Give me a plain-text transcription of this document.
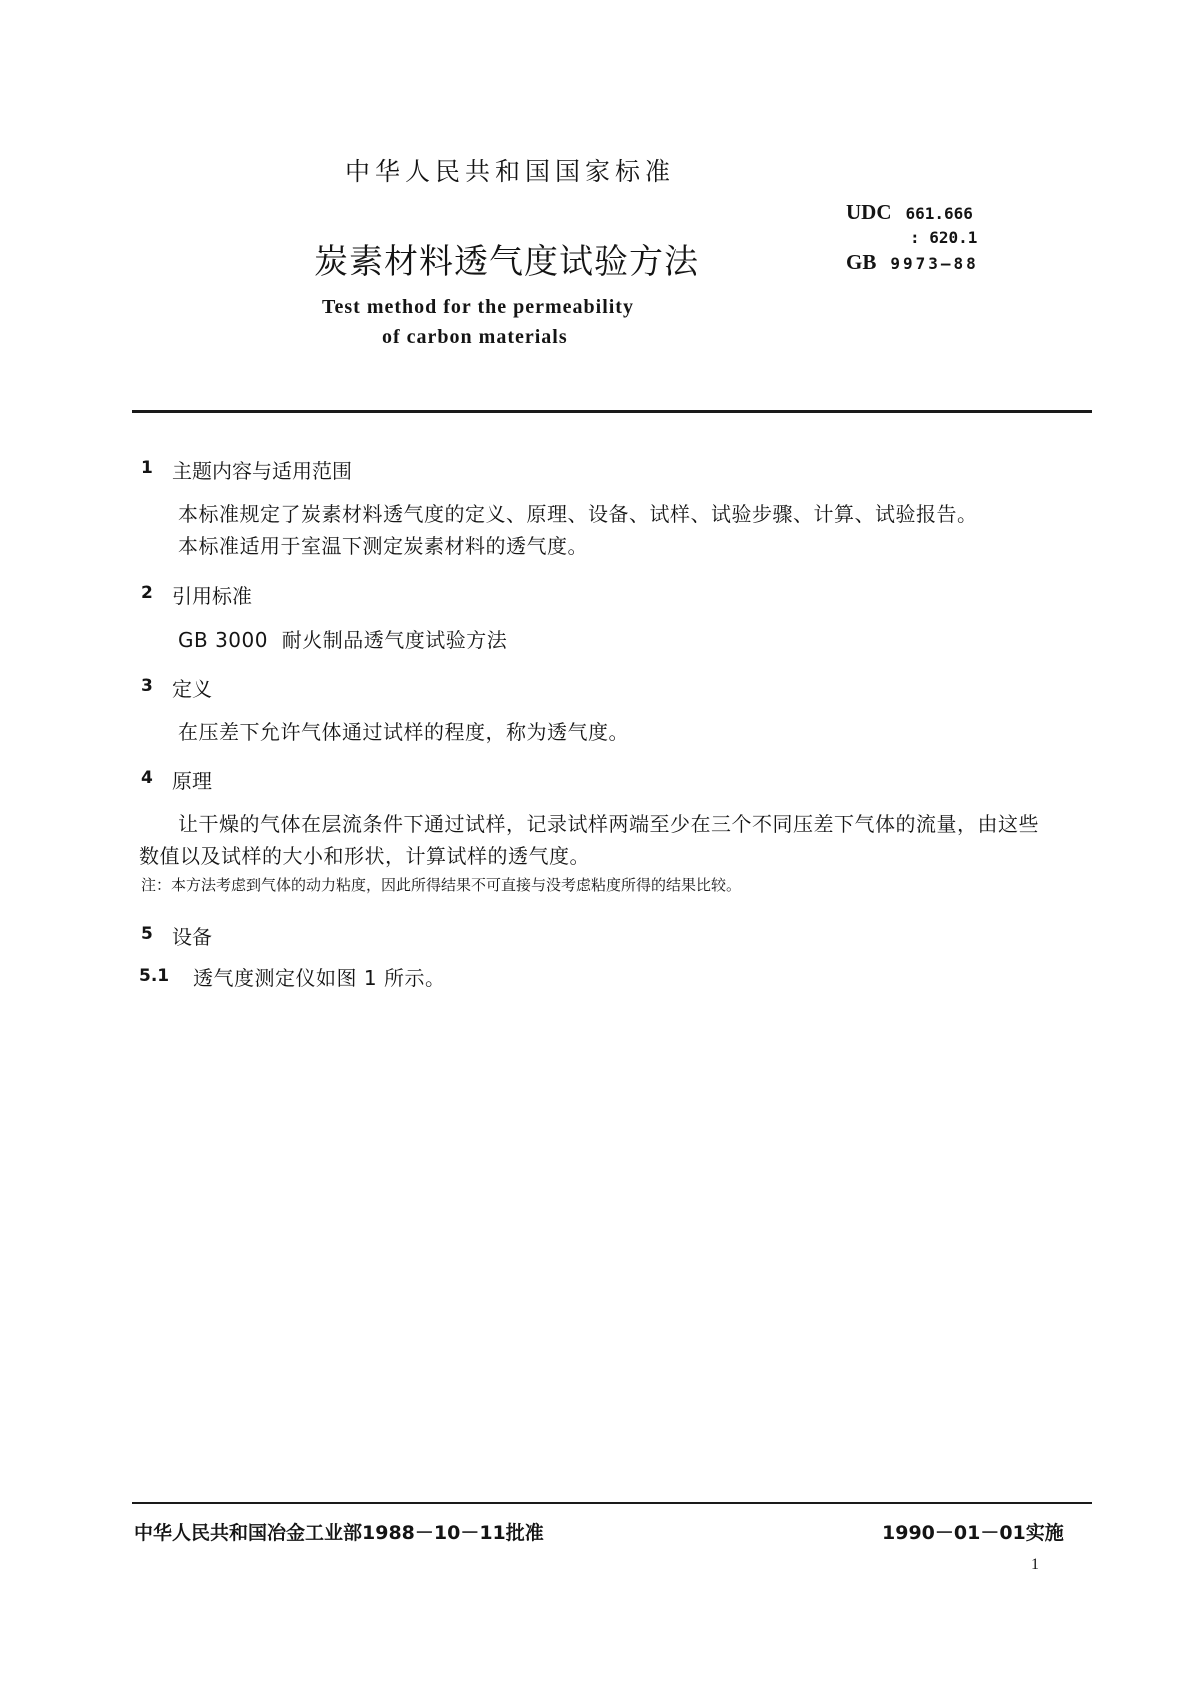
中华人民共和国国家标准
炭素材料透气度试验方法
Test method for the permeability
of carbon materials
UDC 661.666
: 620.1
GB 9973—88
1 主题内容与适用范围
本标准规定了炭素材料透气度的定义、原理、设备、试样、试验步骤、计算、试验报告。
本标准适用于室温下测定炭素材料的透气度。
2 引用标准
GB 3000  耐火制品透气度试验方法
3 定义
在压差下允许气体通过试样的程度，称为透气度。
4 原理
让干燥的气体在层流条件下通过试样，记录试样两端至少在三个不同压差下气体的流量，由这些
数值以及试样的大小和形状，计算试样的透气度。
注：本方法考虑到气体的动力粘度，因此所得结果不可直接与没考虑粘度所得的结果比较。
5 设备
5.1 透气度测定仪如图 1 所示。
中华人民共和国冶金工业部1988－10－11批准	1990－01－01实施
1
